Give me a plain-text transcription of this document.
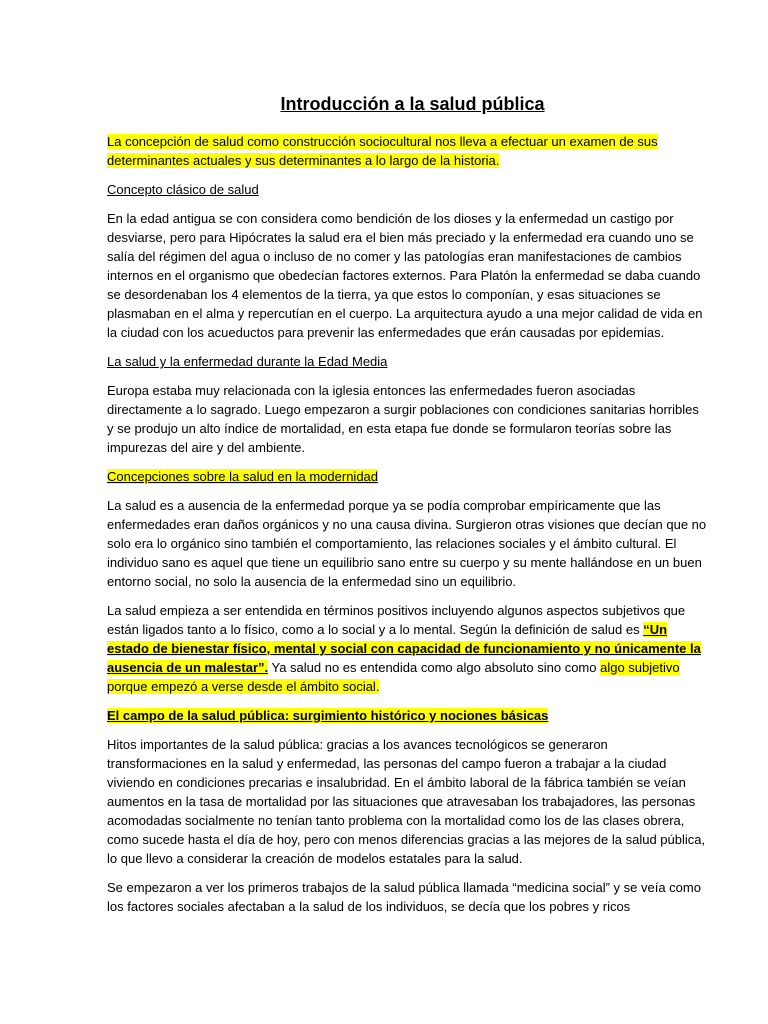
Introducción a la salud pública

La concepción de salud como construcción sociocultural nos lleva a efectuar un examen de sus determinantes actuales y sus determinantes a lo largo de la historia.

Concepto clásico de salud

En la edad antigua se con considera como bendición de los dioses y la enfermedad un castigo por desviarse, pero para Hipócrates la salud era el bien más preciado y la enfermedad era cuando uno se salía del régimen del agua o incluso de no comer y las patologías eran manifestaciones de cambios internos en el organismo que obedecían factores externos. Para Platón la enfermedad se daba cuando se desordenaban los 4 elementos de la tierra, ya que estos lo componían, y esas situaciones se plasmaban en el alma y repercutían en el cuerpo. La arquitectura ayudo a una mejor calidad de vida en la ciudad con los acueductos para prevenir las enfermedades que erán causadas por epidemias.

La salud y la enfermedad durante la Edad Media

Europa estaba muy relacionada con la iglesia entonces las enfermedades fueron asociadas directamente a lo sagrado. Luego empezaron a surgir poblaciones con condiciones sanitarias horribles y se produjo un alto índice de mortalidad, en esta etapa fue donde se formularon teorías sobre las impurezas del aire y del ambiente.

Concepciones sobre la salud en la modernidad

La salud es a ausencia de la enfermedad porque ya se podía comprobar empíricamente que las enfermedades eran daños orgánicos y no una causa divina. Surgieron otras visiones que decían que no solo era lo orgánico sino también el comportamiento, las relaciones sociales y el ámbito cultural. El individuo sano es aquel que tiene un equilibrio sano entre su cuerpo y su mente hallándose en un buen entorno social, no solo la ausencia de la enfermedad sino un equilibrio.

La salud empieza a ser entendida en términos positivos incluyendo algunos aspectos subjetivos que están ligados tanto a lo físico, como a lo social y a lo mental. Según la definición de salud es “Un estado de bienestar físico, mental y social con capacidad de funcionamiento y no únicamente la ausencia de un malestar”. Ya salud no es entendida como algo absoluto sino como algo subjetivo porque empezó a verse desde el ámbito social.

El campo de la salud pública: surgimiento histórico y nociones básicas

Hitos importantes de la salud pública: gracias a los avances tecnológicos se generaron transformaciones en la salud y enfermedad, las personas del campo fueron a trabajar a la ciudad viviendo en condiciones precarias e insalubridad. En el ámbito laboral de la fábrica también se veían aumentos en la tasa de mortalidad por las situaciones que atravesaban los trabajadores, las personas acomodadas socialmente no tenían tanto problema con la mortalidad como los de las clases obrera, como sucede hasta el día de hoy, pero con menos diferencias gracias a las mejores de la salud pública, lo que llevo a considerar la creación de modelos estatales para la salud.

Se empezaron a ver los primeros trabajos de la salud pública llamada “medicina social” y se veía como los factores sociales afectaban a la salud de los individuos, se decía que los pobres y ricos
